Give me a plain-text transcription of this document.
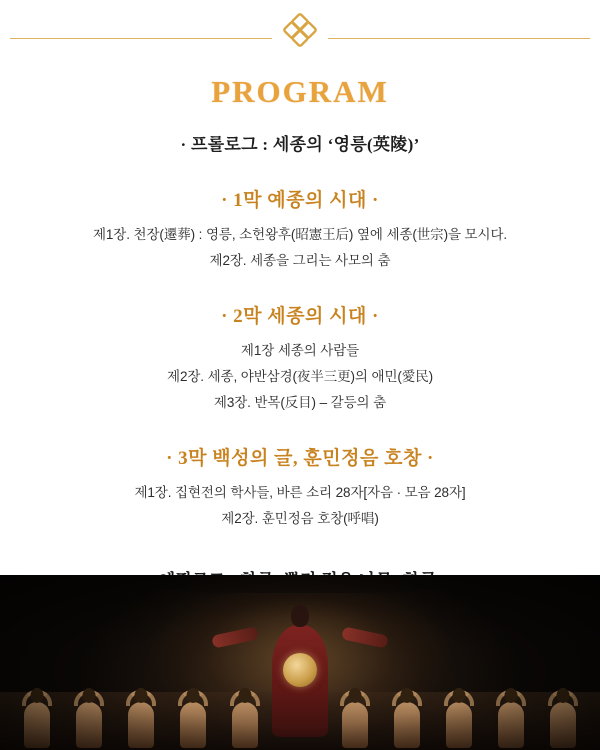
PROGRAM
· 프롤로그 : 세종의 ‘영릉(英陵)’
· 1막 예종의 시대 ·
제1장. 천장(遷葬) : 영릉, 소헌왕후(昭憲王后) 옆에 세종(世宗)을 모시다.
제2장. 세종을 그리는 사모의 춤
· 2막 세종의 시대 ·
제1장 세종의 사람들
제2장. 세종, 야반삼경(夜半三更)의 애민(愛民)
제3장. 반목(反目) – 갈등의 춤
· 3막 백성의 글, 훈민정음 호창 ·
제1장. 집현전의 학사들, 바른 소리 28자[자음 · 모음 28자]
제2장. 훈민정음 호창(呼唱)
